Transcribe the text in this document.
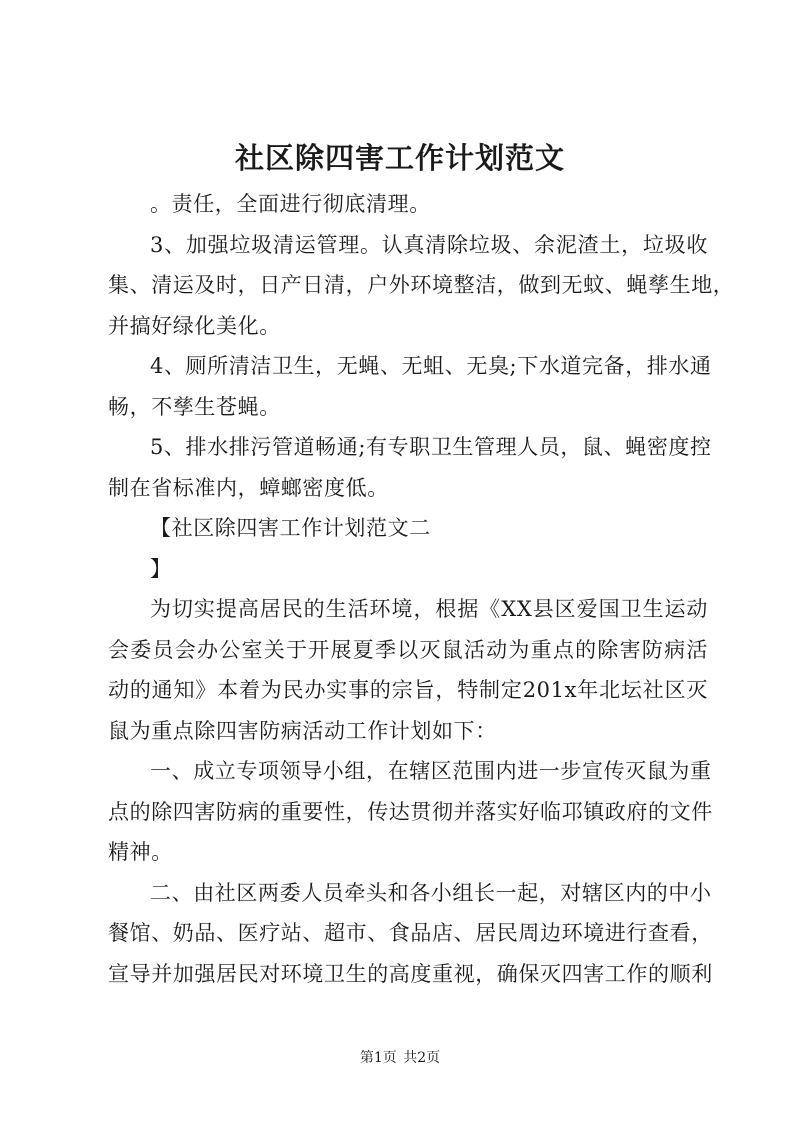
社区除四害工作计划范文
。责任，全面进行彻底清理。
3、加强垃圾清运管理。认真清除垃圾、余泥渣土，垃圾收
集、清运及时，日产日清，户外环境整洁，做到无蚊、蝇孳生地，
并搞好绿化美化。
4、厕所清洁卫生，无蝇、无蛆、无臭;下水道完备，排水通
畅，不孳生苍蝇。
5、排水排污管道畅通;有专职卫生管理人员，鼠、蝇密度控
制在省标准内，蟑螂密度低。
【社区除四害工作计划范文二
】
为切实提高居民的生活环境，根据《XX县区爱国卫生运动
会委员会办公室关于开展夏季以灭鼠活动为重点的除害防病活
动的通知》本着为民办实事的宗旨，特制定201x年北坛社区灭
鼠为重点除四害防病活动工作计划如下：
一、成立专项领导小组，在辖区范围内进一步宣传灭鼠为重
点的除四害防病的重要性，传达贯彻并落实好临邛镇政府的文件
精神。
二、由社区两委人员牵头和各小组长一起，对辖区内的中小
餐馆、奶品、医疗站、超市、食品店、居民周边环境进行查看，
宣导并加强居民对环境卫生的高度重视，确保灭四害工作的顺利
第1页 共2页
